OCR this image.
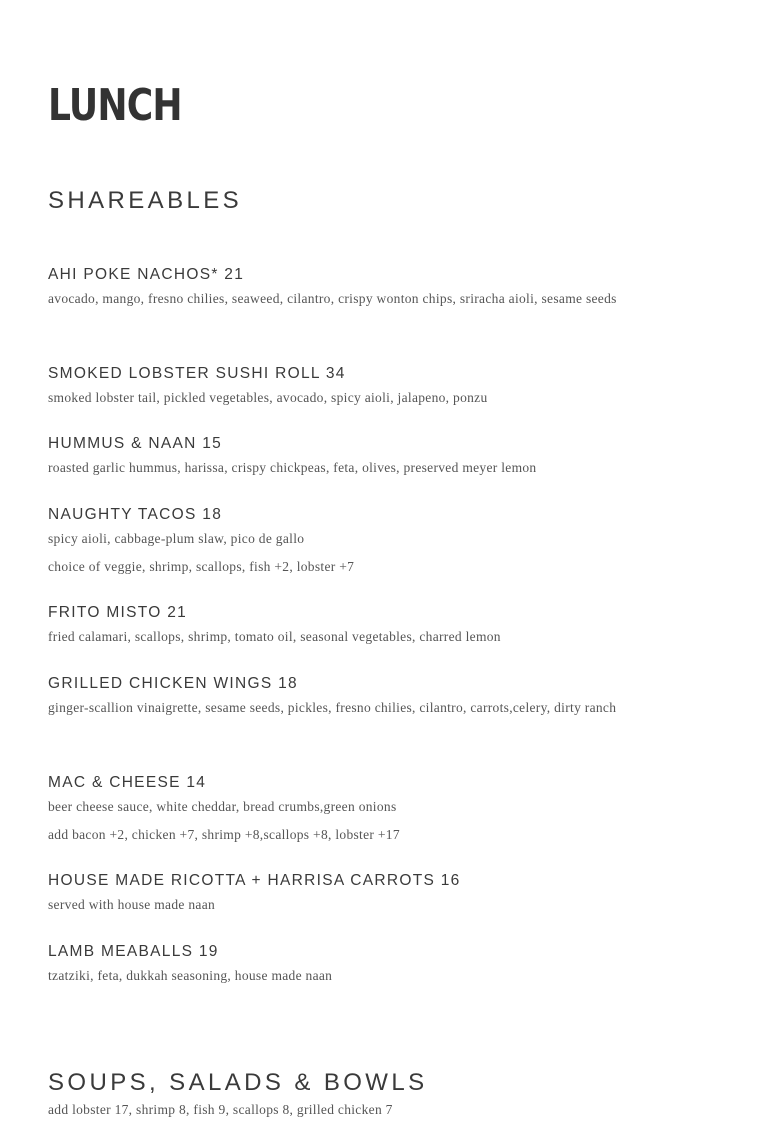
LUNCH
SHAREABLES

AHI POKE NACHOS* 21

avocado, mango, fresno chilies, seaweed, cilantro, crispy wonton chips, sriracha aioli, sesame seeds

SMOKED LOBSTER SUSHI ROLL 34

smoked lobster tail, pickled vegetables, avocado, spicy aioli, jalapeno, ponzu

HUMMUS & NAAN 15

roasted garlic hummus, harissa, crispy chickpeas, feta, olives, preserved meyer lemon

NAUGHTY TACOS 18

spicy aioli, cabbage-plum slaw, pico de gallo

choice of veggie, shrimp, scallops, fish +2, lobster +7

FRITO MISTO 21

fried calamari, scallops, shrimp, tomato oil, seasonal vegetables, charred lemon

GRILLED CHICKEN WINGS 18

ginger-scallion vinaigrette, sesame seeds, pickles, fresno chilies, cilantro, carrots,celery, dirty ranch

MAC & CHEESE 14

beer cheese sauce, white cheddar, bread crumbs,green onions

add bacon +2, chicken +7, shrimp +8,scallops +8, lobster +17

HOUSE MADE RICOTTA + HARRISA CARROTS 16

served with house made naan

LAMB MEABALLS 19

tzatziki, feta, dukkah seasoning, house made naan

SOUPS, SALADS & BOWLS

add lobster 17, shrimp 8, fish 9, scallops 8, grilled chicken 7
